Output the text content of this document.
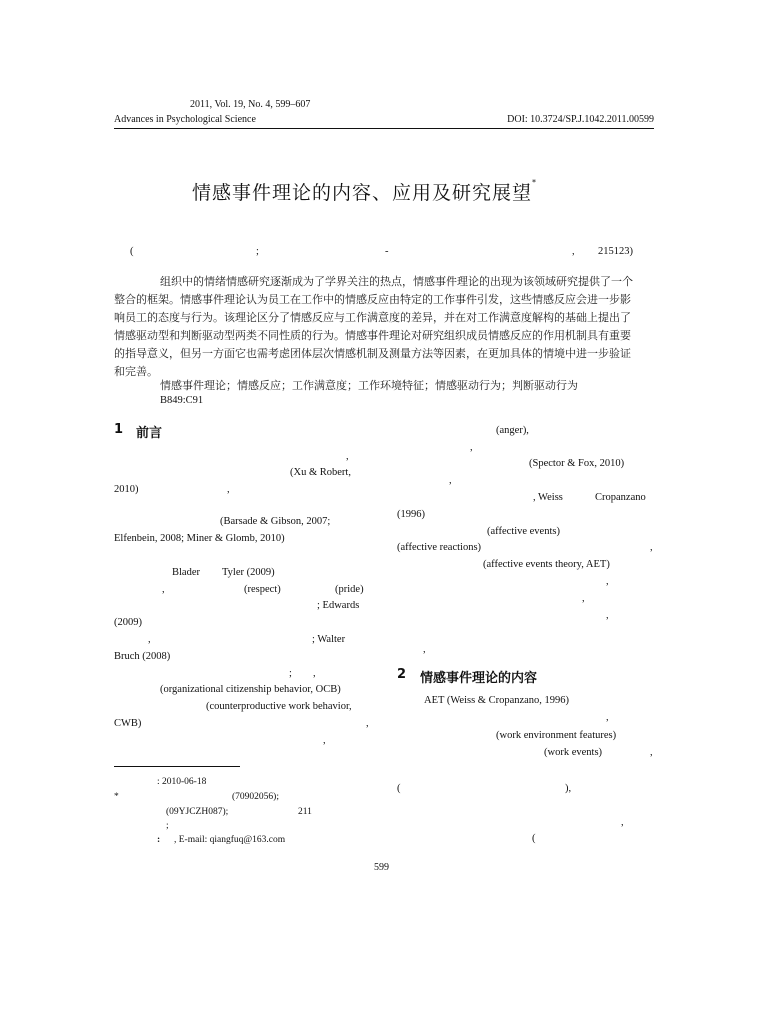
2011, Vol. 19, No. 4, 599–607
Advances in Psychological Science	DOI: 10.3724/SP.J.1042.2011.00599
情感事件理论的内容、应用及研究展望*
(	;	-	, 215123)
组织中的情绪情感研究逐渐成为了学界关注的热点，情感事件理论的出现为该领域研究提供了一个
整合的框架。情感事件理论认为员工在工作中的情感反应由特定的工作事件引发，这些情感反应会进一步影
响员工的态度与行为。该理论区分了情感反应与工作满意度的差异，并在对工作满意度解构的基础上提出了
情感驱动型和判断驱动型两类不同性质的行为。情感事件理论对研究组织成员情感反应的作用机制具有重要
的指导意义，但另一方面它也需考虑团体层次情感机制及测量方法等因素，在更加具体的情境中进一步验证
和完善。
情感事件理论；情感反应；工作满意度；工作环境特征；情感驱动行为；判断驱动行为
B849:C91
1 前言
,
(Xu & Robert,
2010)	,
(Barsade & Gibson, 2007;
Elfenbein, 2008; Miner & Glomb, 2010)
Blader Tyler (2009)
,	(respect)	(pride)
; Edwards
(2009)
,	; Walter
Bruch (2008)
; ,
(organizational citizenship behavior, OCB)
(counterproductive work behavior,
CWB)	,
,
(anger),
,
(Spector & Fox, 2010)
,
, Weiss	Cropanzano
(1996)
(affective events)
(affective reactions)	,
(affective events theory, AET)
,
,
,
,
2 情感事件理论的内容
AET (Weiss & Cropanzano, 1996)
,
(work environment features)
(work events)	,
(	),
,
(
: 2010-06-18
*	(70902056);
(09YJCZH087);	211
;
: , E-mail: qiangfuq@163.com
599
